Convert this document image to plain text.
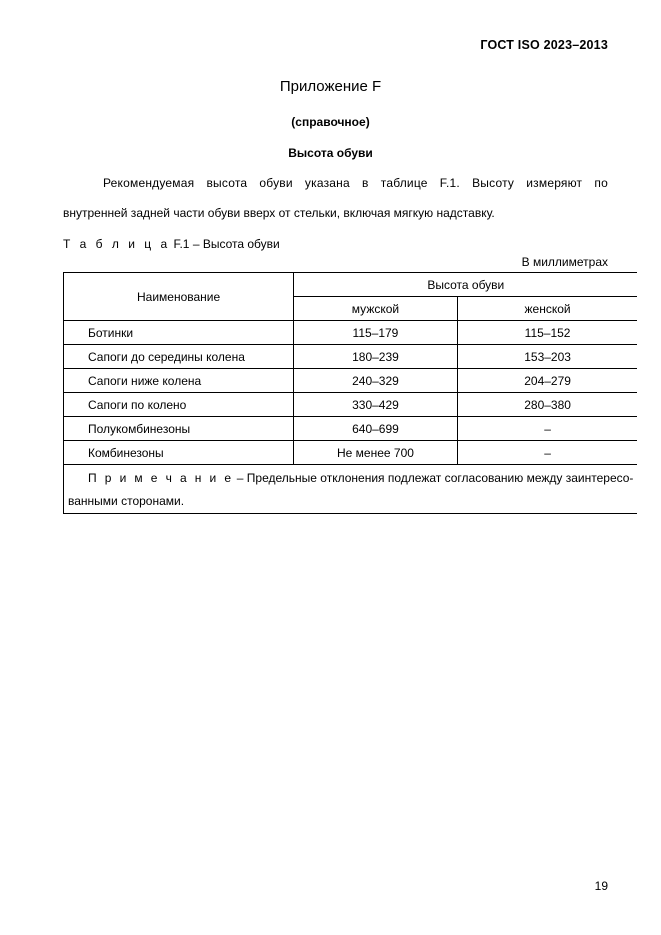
ГОСТ ISO 2023–2013
Приложение F
(справочное)
Высота обуви
Рекомендуемая высота обуви указана в таблице F.1. Высоту измеряют по
внутренней задней части обуви вверх от стельки, включая мягкую надставку.
Т а б л и ц а F.1 – Высота обуви
В миллиметрах
Наименование	Высота обуви	
	мужской	женской
Ботинки	115–179	115–152
Сапоги до середины колена	180–239	153–203
Сапоги ниже колена	240–329	204–279
Сапоги по колено	330–429	280–380
Полукомбинезоны	640–699	–
Комбинезоны	Не менее 700	–

П р и м е ч а н и е – Предельные отклонения подлежат согласованию между заинтересо-
ванными сторонами.		
19
